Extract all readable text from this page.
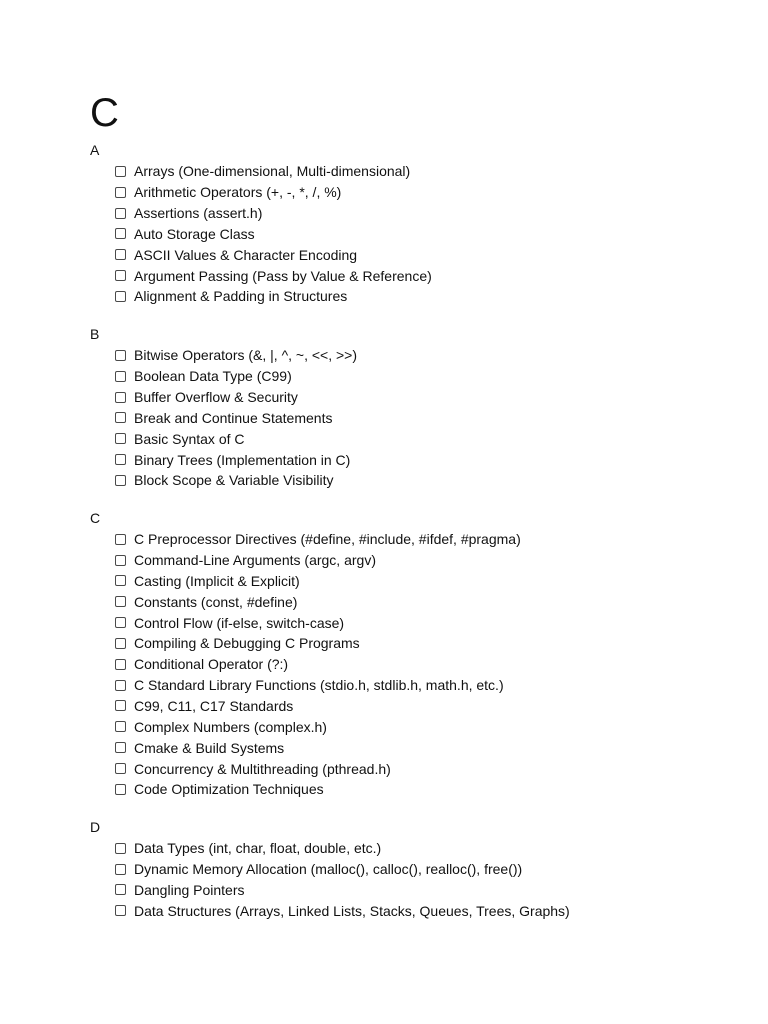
C
A
Arrays (One-dimensional, Multi-dimensional)
Arithmetic Operators (+, -, *, /, %)
Assertions (assert.h)
Auto Storage Class
ASCII Values & Character Encoding
Argument Passing (Pass by Value & Reference)
Alignment & Padding in Structures
B
Bitwise Operators (&, |, ^, ~, <<, >>)
Boolean Data Type (C99)
Buffer Overflow & Security
Break and Continue Statements
Basic Syntax of C
Binary Trees (Implementation in C)
Block Scope & Variable Visibility
C
C Preprocessor Directives (#define, #include, #ifdef, #pragma)
Command-Line Arguments (argc, argv)
Casting (Implicit & Explicit)
Constants (const, #define)
Control Flow (if-else, switch-case)
Compiling & Debugging C Programs
Conditional Operator (?:)
C Standard Library Functions (stdio.h, stdlib.h, math.h, etc.)
C99, C11, C17 Standards
Complex Numbers (complex.h)
Cmake & Build Systems
Concurrency & Multithreading (pthread.h)
Code Optimization Techniques
D
Data Types (int, char, float, double, etc.)
Dynamic Memory Allocation (malloc(), calloc(), realloc(), free())
Dangling Pointers
Data Structures (Arrays, Linked Lists, Stacks, Queues, Trees, Graphs)
